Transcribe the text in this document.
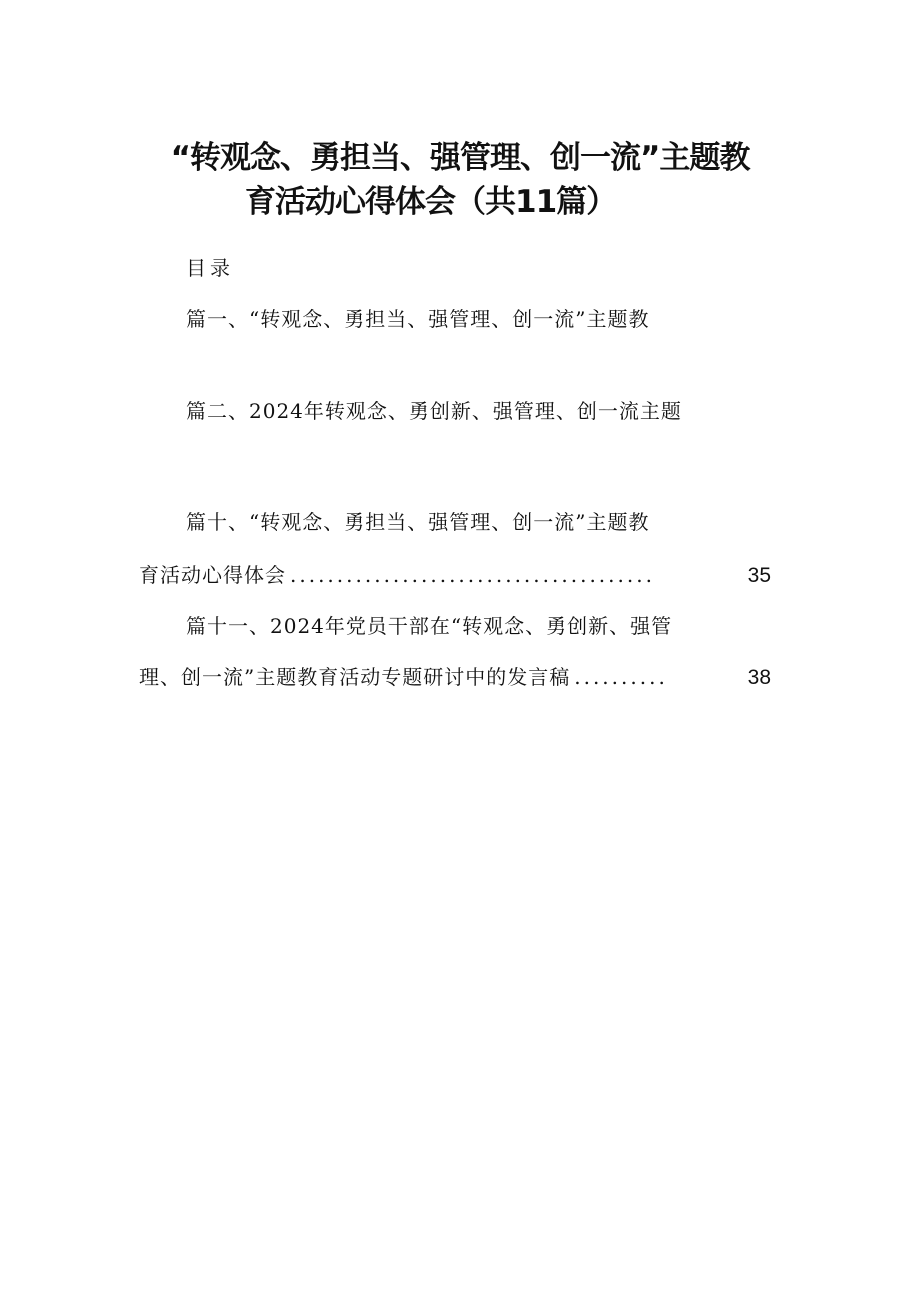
“转观念、勇担当、强管理、创一流”主题教
育活动心得体会（共11篇）
目录
篇一、“转观念、勇担当、强管理、创一流”主题教
篇二、2024年转观念、勇创新、强管理、创一流主题
篇十、“转观念、勇担当、强管理、创一流”主题教
育活动心得体会 .......................................	35
篇十一、2024年党员干部在“转观念、勇创新、强管
理、创一流”主题教育活动专题研讨中的发言稿 ..........	38
